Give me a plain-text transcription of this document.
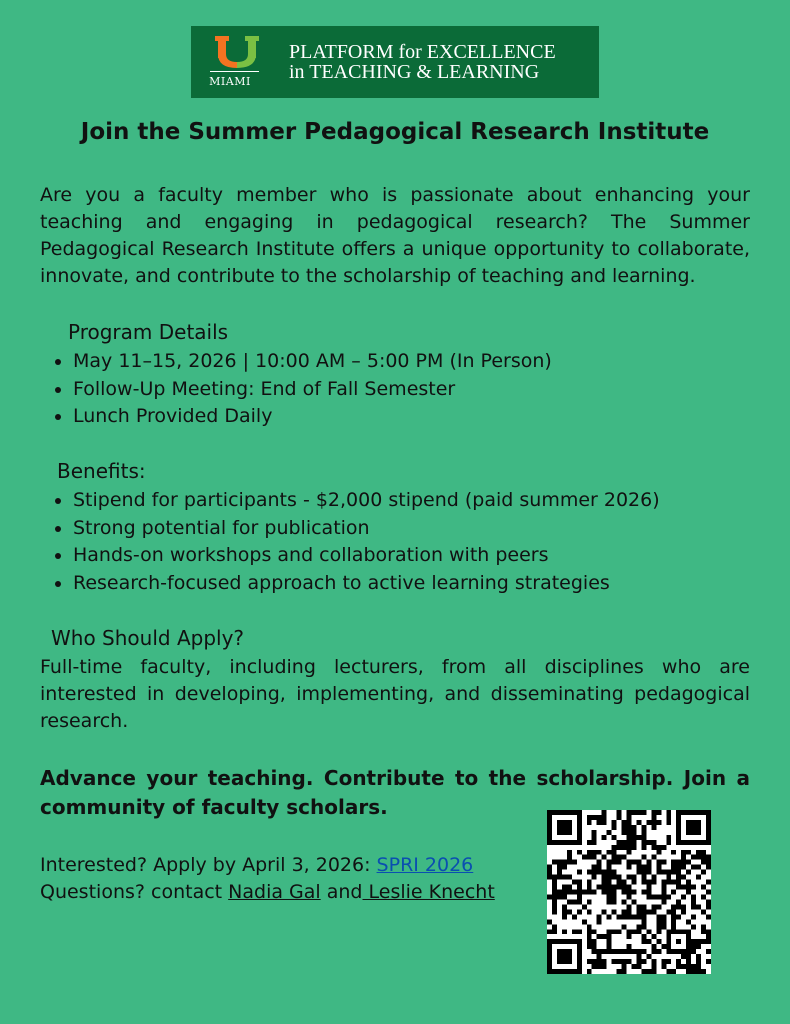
MIAMI
PLATFORM for EXCELLENCE
in TEACHING & LEARNING
Join the Summer Pedagogical Research Institute
Are you a faculty member who is passionate about enhancing your teaching and engaging in pedagogical research? The Summer Pedagogical Research Institute offers a unique opportunity to collaborate, innovate, and contribute to the scholarship of teaching and learning.
Program Details
• May 11–15, 2026 | 10:00 AM – 5:00 PM (In Person)
• Follow-Up Meeting: End of Fall Semester
• Lunch Provided Daily
Benefits:
• Stipend for participants - $2,000 stipend (paid summer 2026)
• Strong potential for publication
• Hands-on workshops and collaboration with peers
• Research-focused approach to active learning strategies
Who Should Apply?
Full-time faculty, including lecturers, from all disciplines who are interested in developing, implementing, and disseminating pedagogical research.
Advance your teaching. Contribute to the scholarship. Join a community of faculty scholars.
Interested? Apply by April 3, 2026: SPRI 2026
Questions? contact Nadia Gal and Leslie Knecht
